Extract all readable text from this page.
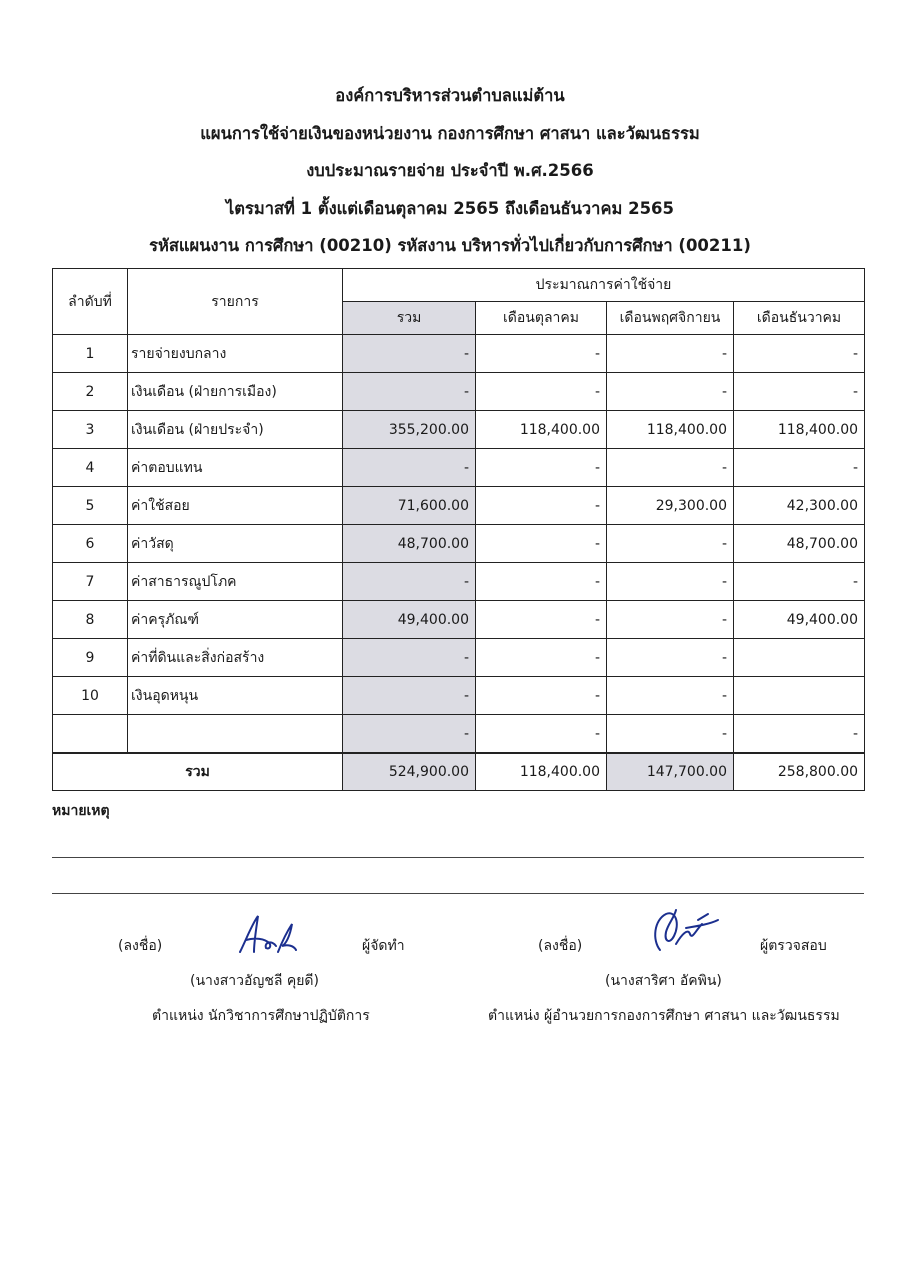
องค์การบริหารส่วนตำบลแม่ต้าน
แผนการใช้จ่ายเงินของหน่วยงาน กองการศึกษา ศาสนา และวัฒนธรรม
งบประมาณรายจ่าย ประจำปี พ.ศ.2566
ไตรมาสที่ 1 ตั้งแต่เดือนตุลาคม 2565 ถึงเดือนธันวาคม 2565
รหัสแผนงาน การศึกษา (00210) รหัสงาน บริหารทั่วไปเกี่ยวกับการศึกษา (00211)
ลำดับที่	รายการ	ประมาณการค่าใช้จ่าย			
		รวม	เดือนตุลาคม	เดือนพฤศจิกายน	เดือนธันวาคม
1	รายจ่ายงบกลาง	-	-	-	-
2	เงินเดือน (ฝ่ายการเมือง)	-	-	-	-
3	เงินเดือน (ฝ่ายประจำ)	355,200.00	118,400.00	118,400.00	118,400.00
4	ค่าตอบแทน	-	-	-	-
5	ค่าใช้สอย	71,600.00	-	29,300.00	42,300.00
6	ค่าวัสดุ	48,700.00	-	-	48,700.00
7	ค่าสาธารณูปโภค	-	-	-	-
8	ค่าครุภัณฑ์	49,400.00	-	-	49,400.00
9	ค่าที่ดินและสิ่งก่อสร้าง	-	-	-	
10	เงินอุดหนุน	-	-	-	
		-	-	-	-
รวม		524,900.00	118,400.00	147,700.00	258,800.00
หมายเหตุ
(ลงชื่อ)	ผู้จัดทำ
(นางสาวอัญชลี คุยดี)
ตำแหน่ง นักวิชาการศึกษาปฏิบัติการ
(ลงชื่อ)	ผู้ตรวจสอบ
(นางสาริศา อัคพิน)
ตำแหน่ง ผู้อำนวยการกองการศึกษา ศาสนา และวัฒนธรรม
